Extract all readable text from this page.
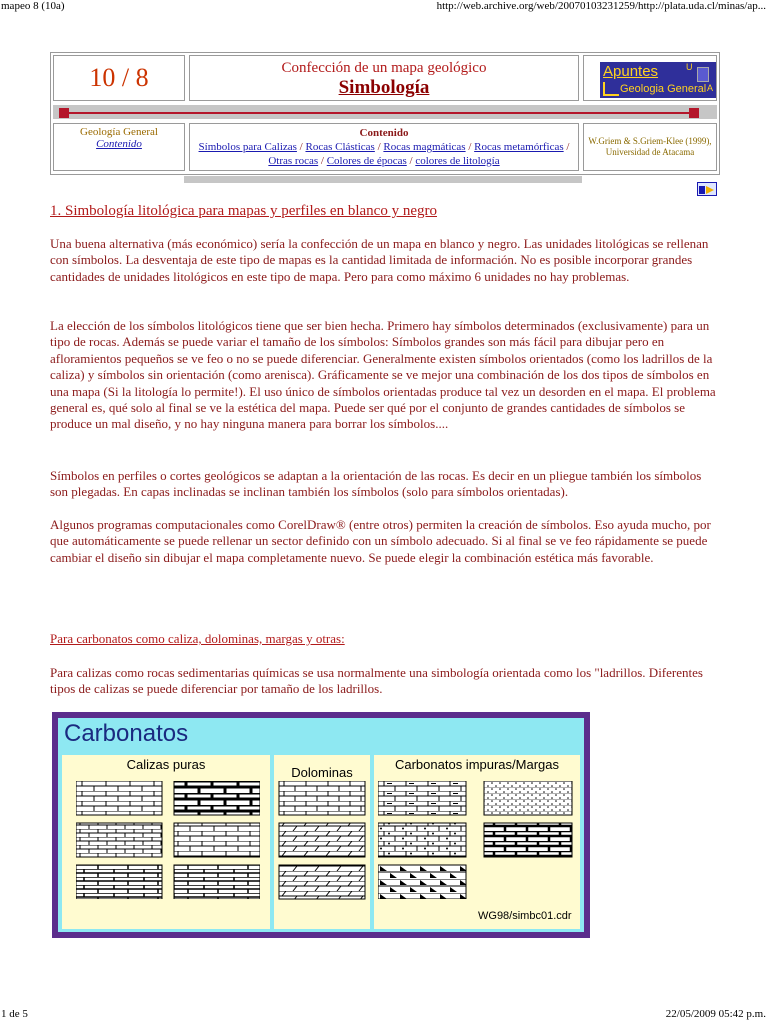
mapeo 8 (10a)	http://web.archive.org/web/20070103231259/http://plata.uda.cl/minas/ap...
10 / 8	Confección de un mapa geológico
Simbología
Apuntes	U
A
Geologia General
Geología General
Contenido
Contenido
Símbolos para Calizas / Rocas Clásticas / Rocas magmáticas / Rocas metamórficas / Otras rocas / Colores de épocas / colores de litología
W.Griem & S.Griem-Klee (1999),
Universidad de Atacama
1. Simbología litológica para mapas y perfiles en blanco y negro
Una buena alternativa (más económico) sería la confección de un mapa en blanco y negro. Las unidades litológicas se rellenan con símbolos. La desventaja de este tipo de mapas es la cantidad limitada de información. No es posible incorporar grandes cantidades de unidades litológicos en este tipo de mapa. Pero para como máximo 6 unidades no hay problemas.
La elección de los símbolos litológicos tiene que ser bien hecha. Primero hay símbolos determinados (exclusivamente) para un tipo de rocas. Además se puede variar el tamaño de los símbolos: Símbolos grandes son más fácil para dibujar pero en afloramientos pequeños se ve feo o no se puede diferenciar. Generalmente existen símbolos orientados (como los ladrillos de la caliza) y símbolos sin orientación (como arenisca). Gráficamente se ve mejor una combinación de los dos tipos de símbolos en una mapa (Si la litología lo permite!). El uso único de símbolos orientadas produce tal vez un desorden en el mapa. El problema general es, qué solo al final se ve la estética del mapa. Puede ser qué por el conjunto de grandes cantidades de símbolos se produce un mal diseño, y no hay ninguna manera para borrar los símbolos....
Símbolos en perfiles o cortes geológicos se adaptan a la orientación de las rocas. Es decir en un pliegue también los símbolos son plegadas. En capas inclinadas se inclinan también los símbolos (solo para símbolos orientadas).
Algunos programas computacionales como CorelDraw® (entre otros) permiten la creación de símbolos. Eso ayuda mucho, por que automáticamente se puede rellenar un sector definido con un símbolo adecuado. Si al final se ve feo rápidamente se puede cambiar el diseño sin dibujar el mapa completamente nuevo. Se puede elegir la combinación estética más favorable.
Para carbonatos como caliza, dolominas, margas y otras:
Para calizas como rocas sedimentarias químicas se usa normalmente una simbología orientada como los "ladrillos. Diferentes tipos de calizas se puede diferenciar por tamaño de los ladrillos.
Carbonatos
Calizas puras
Dolominas
Carbonatos impuras/Margas
WG98/simbc01.cdr
1 de 5	22/05/2009 05:42 p.m.
